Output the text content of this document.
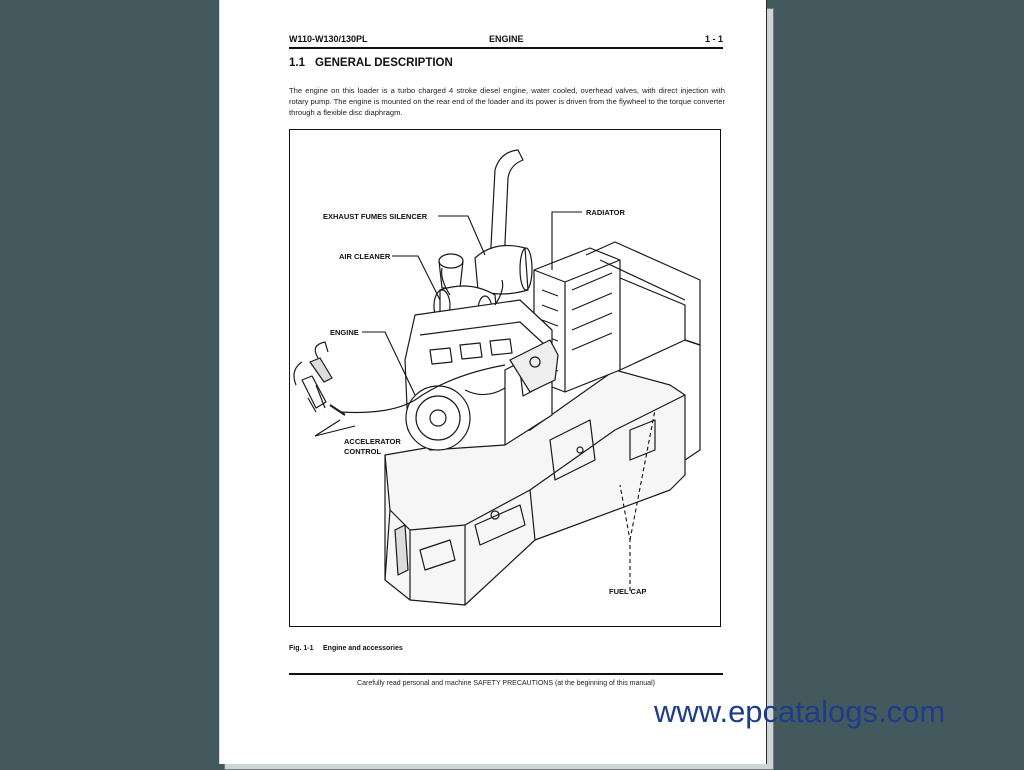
W110-W130/130PL	ENGINE	1 - 1
1.1 GENERAL DESCRIPTION
The engine on this loader is a turbo charged 4 stroke diesel engine, water cooled, overhead valves, with direct injection with rotary pump. The engine is mounted on the rear end of the loader and its power is driven from the flywheel to the torque converter through a flexible disc diaphragm.
EXHAUST FUMES SILENCER	RADIATOR
AIR CLEANER
ENGINE
ACCELERATOR
CONTROL
FUEL CAP
Fig. 1-1 Engine and accessories
Carefully read personal and machine SAFETY PRECAUTIONS (at the beginning of this manual)
www.epcatalogs.com
